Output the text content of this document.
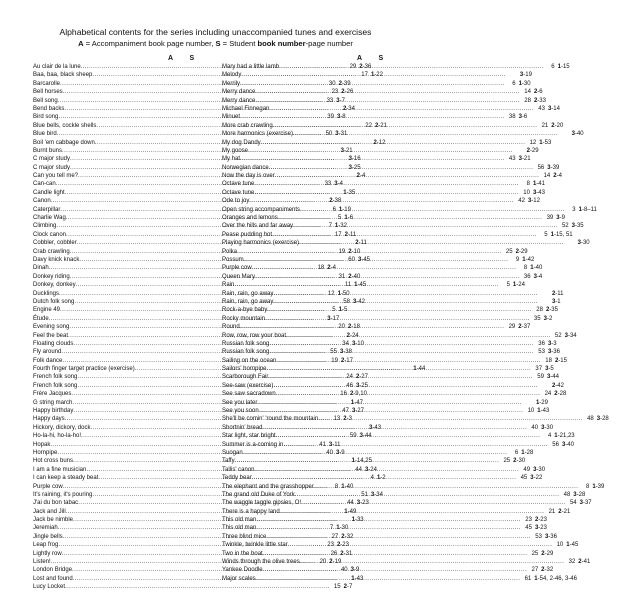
Alphabetical contents for the series including unaccompanied tunes and exercises
A = Accompaniment book page number, S = Student book number-page number
A	S
Au clair de la lune .....	29 2-36
Baa, baa, black sheep .....	17 1-22
Barcarolle .....	30 2-39
Bell horses .....	23 2-26
Bell song .....	33 3-7
Bend backs .....	2-34
Bird song .....	39 3-8
Blue bells, cockle shells .....	22 2-21
Blue bird .....	50 3-31
Boil 'em cabbage down .....	2-12
Burnt buns .....	3-21
C major study .....	3-16
C major study .....	3-25
Can you tell me? .....	2-4
Can-can .....	33 3-4
Candle light .....	1-35
Canon .....	2-38
Caterpillar .....	6 1-19
Charlie Wag .....	5 1-6
Climbing .....	7 1-32
Clock canon .....	17 2-11
Cobbler, cobbler .....	2-11
Crab crawling .....	19 2-10
Davy knick knack .....	60 3-45
Dinah .....	18 2-4
Donkey riding .....	31 2-40
Donkey, donkey .....	11 1-45
Ducklings .....	12 1-50
Dutch folk song .....	58 3-42
Engine 49 .....	5 1-5
Étude .....	3-17
Evening song .....	20 2-18
Feel the beat .....	2-24
Floating clouds .....	34 3-10
Fly around .....	55 3-38
Folk dance .....	19 2-17
Fourth finger target practice (exercise) .....	1-44
French folk song .....	24 2-27
French folk song .....	46 3-25
Frère Jacques .....	16 2-9,10
G string march .....	1-47
Happy birthday .....	47 3-27
Happy days .....	13 2-3
Hickory, dickory, dock .....	3-43
Ho-la-hi, ho-la-ho! .....	59 3-44
Hopak .....	41 3-11
Hornpipe .....	40 3-9
Hot cross buns .....	1-14,25
I am a fine musician .....	44 3-24
I can keep a steady beat .....	4 1-2
Purple cow .....	8 1-40
It's raining, it's pouring .....	51 3-34
J'ai du bon tabac .....	44 3-23
Jack and Jill .....	1-49
Jack be nimble .....	1-33
Jeremiah .....	7 1-30
Jingle bells .....	27 2-32
Leap frog .....	23 2-23
Lightly row .....	26 2-31
Listen! .....	20 2-19
London Bridge .....	40 3-9
Lost and found .....	1-43
Lucy Locket .....	15 2-7
A	S
Mary had a little lamb .....	6 1-15
Melody .....	3-19
Merrily .....	6 1-30
Merry dance .....	14 2-6
Merry dance .....	28 2-33
Michael Finnegan .....	43 3-14
Minuet .....	38 3-6
More crab crawling .....	21 2-20
More harmonics (exercise) .....	3-40
My dog Dandy .....	12 1-53
My goose .....	2-29
My hat .....	43 3-21
Norwegian dance .....	56 3-39
Now the day is over .....	14 2-4
Octave tune .....	8 1-41
Octave tune .....	10 3-43
Ode to joy .....	42 3-12
Open string accompaniments .....	3 1-8–11
Oranges and lemons .....	39 3-9
Over the hills and far away .....	52 3-35
Pease pudding hot .....	5 1-15, 51
Playing harmonics (exercise) .....	3-30
Polka .....	25 2-29
Possum .....	9 1-42
Purple cow .....	8 1-40
Queen Mary .....	36 3-4
Rain .....	5 1-24
Rain, rain, go away .....	2-11
Rain, rain, go away .....	3-1
Rock-a-bye baby .....	28 2-35
Rocky mountain .....	35 3-2
Round .....	29 2-37
Row, row, row your boat .....	52 3-34
Russian folk song .....	36 3-3
Russian folk song .....	53 3-36
Sailing on the ocean .....	18 2-15
Sailors' hornpipe .....	37 3-5
Scarborough Fair .....	59 3-44
See-saw (exercise) .....	2-42
See saw sacradown .....	24 2-28
See you later .....	1-29
See you soon .....	10 1-43
She'll be comin' 'round the mountain .....	48 3-28
Shortnin' bread .....	40 3-30
Star light, star bright .....	4 1-21,23
Summer is a-coming in .....	56 3-40
Suogan .....	6 1-28
Taffy .....	25 2-30
Tallis' canon .....	49 3-30
Teddy bear .....	45 3-22
The elephant and the grasshopper .....	8 1-39
The grand old Duke of York .....	48 3-28
The waggle taggle gipsies, O! .....	54 3-37
There is a happy land .....	21 2-21
This old man .....	23 2-23
This old man .....	45 3-23
Three blind mice .....	53 3-36
Twinkle, twinkle little star .....	10 1-45
Two in the boat .....	25 2-29
Winds through the olive trees .....	32 2-41
Yankee Doodle .....	27 2-32
Major scales .....	61 1-54, 2-46, 3-46
